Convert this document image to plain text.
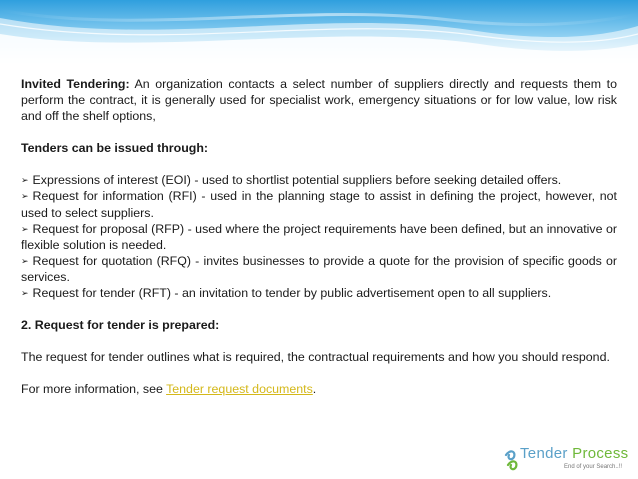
Invited Tendering: An organization contacts a select number of suppliers directly and requests them to perform the contract, it is generally used for specialist work, emergency situations or for low value, low risk and off the shelf options,

Tenders can be issued through:

➢ Expressions of interest (EOI) - used to shortlist potential suppliers before seeking detailed offers.

➢ Request for information (RFI) - used in the planning stage to assist in defining the project, however, not used to select suppliers.

➢ Request for proposal (RFP) - used where the project requirements have been defined, but an innovative or flexible solution is needed.

➢ Request for quotation (RFQ) - invites businesses to provide a quote for the provision of specific goods or services.

➢ Request for tender (RFT) - an invitation to tender by public advertisement open to all suppliers.

2. Request for tender is prepared:

The request for tender outlines what is required, the contractual requirements and how you should respond.

For more information, see Tender request documents.

Tender Process
End of your Search..!!
